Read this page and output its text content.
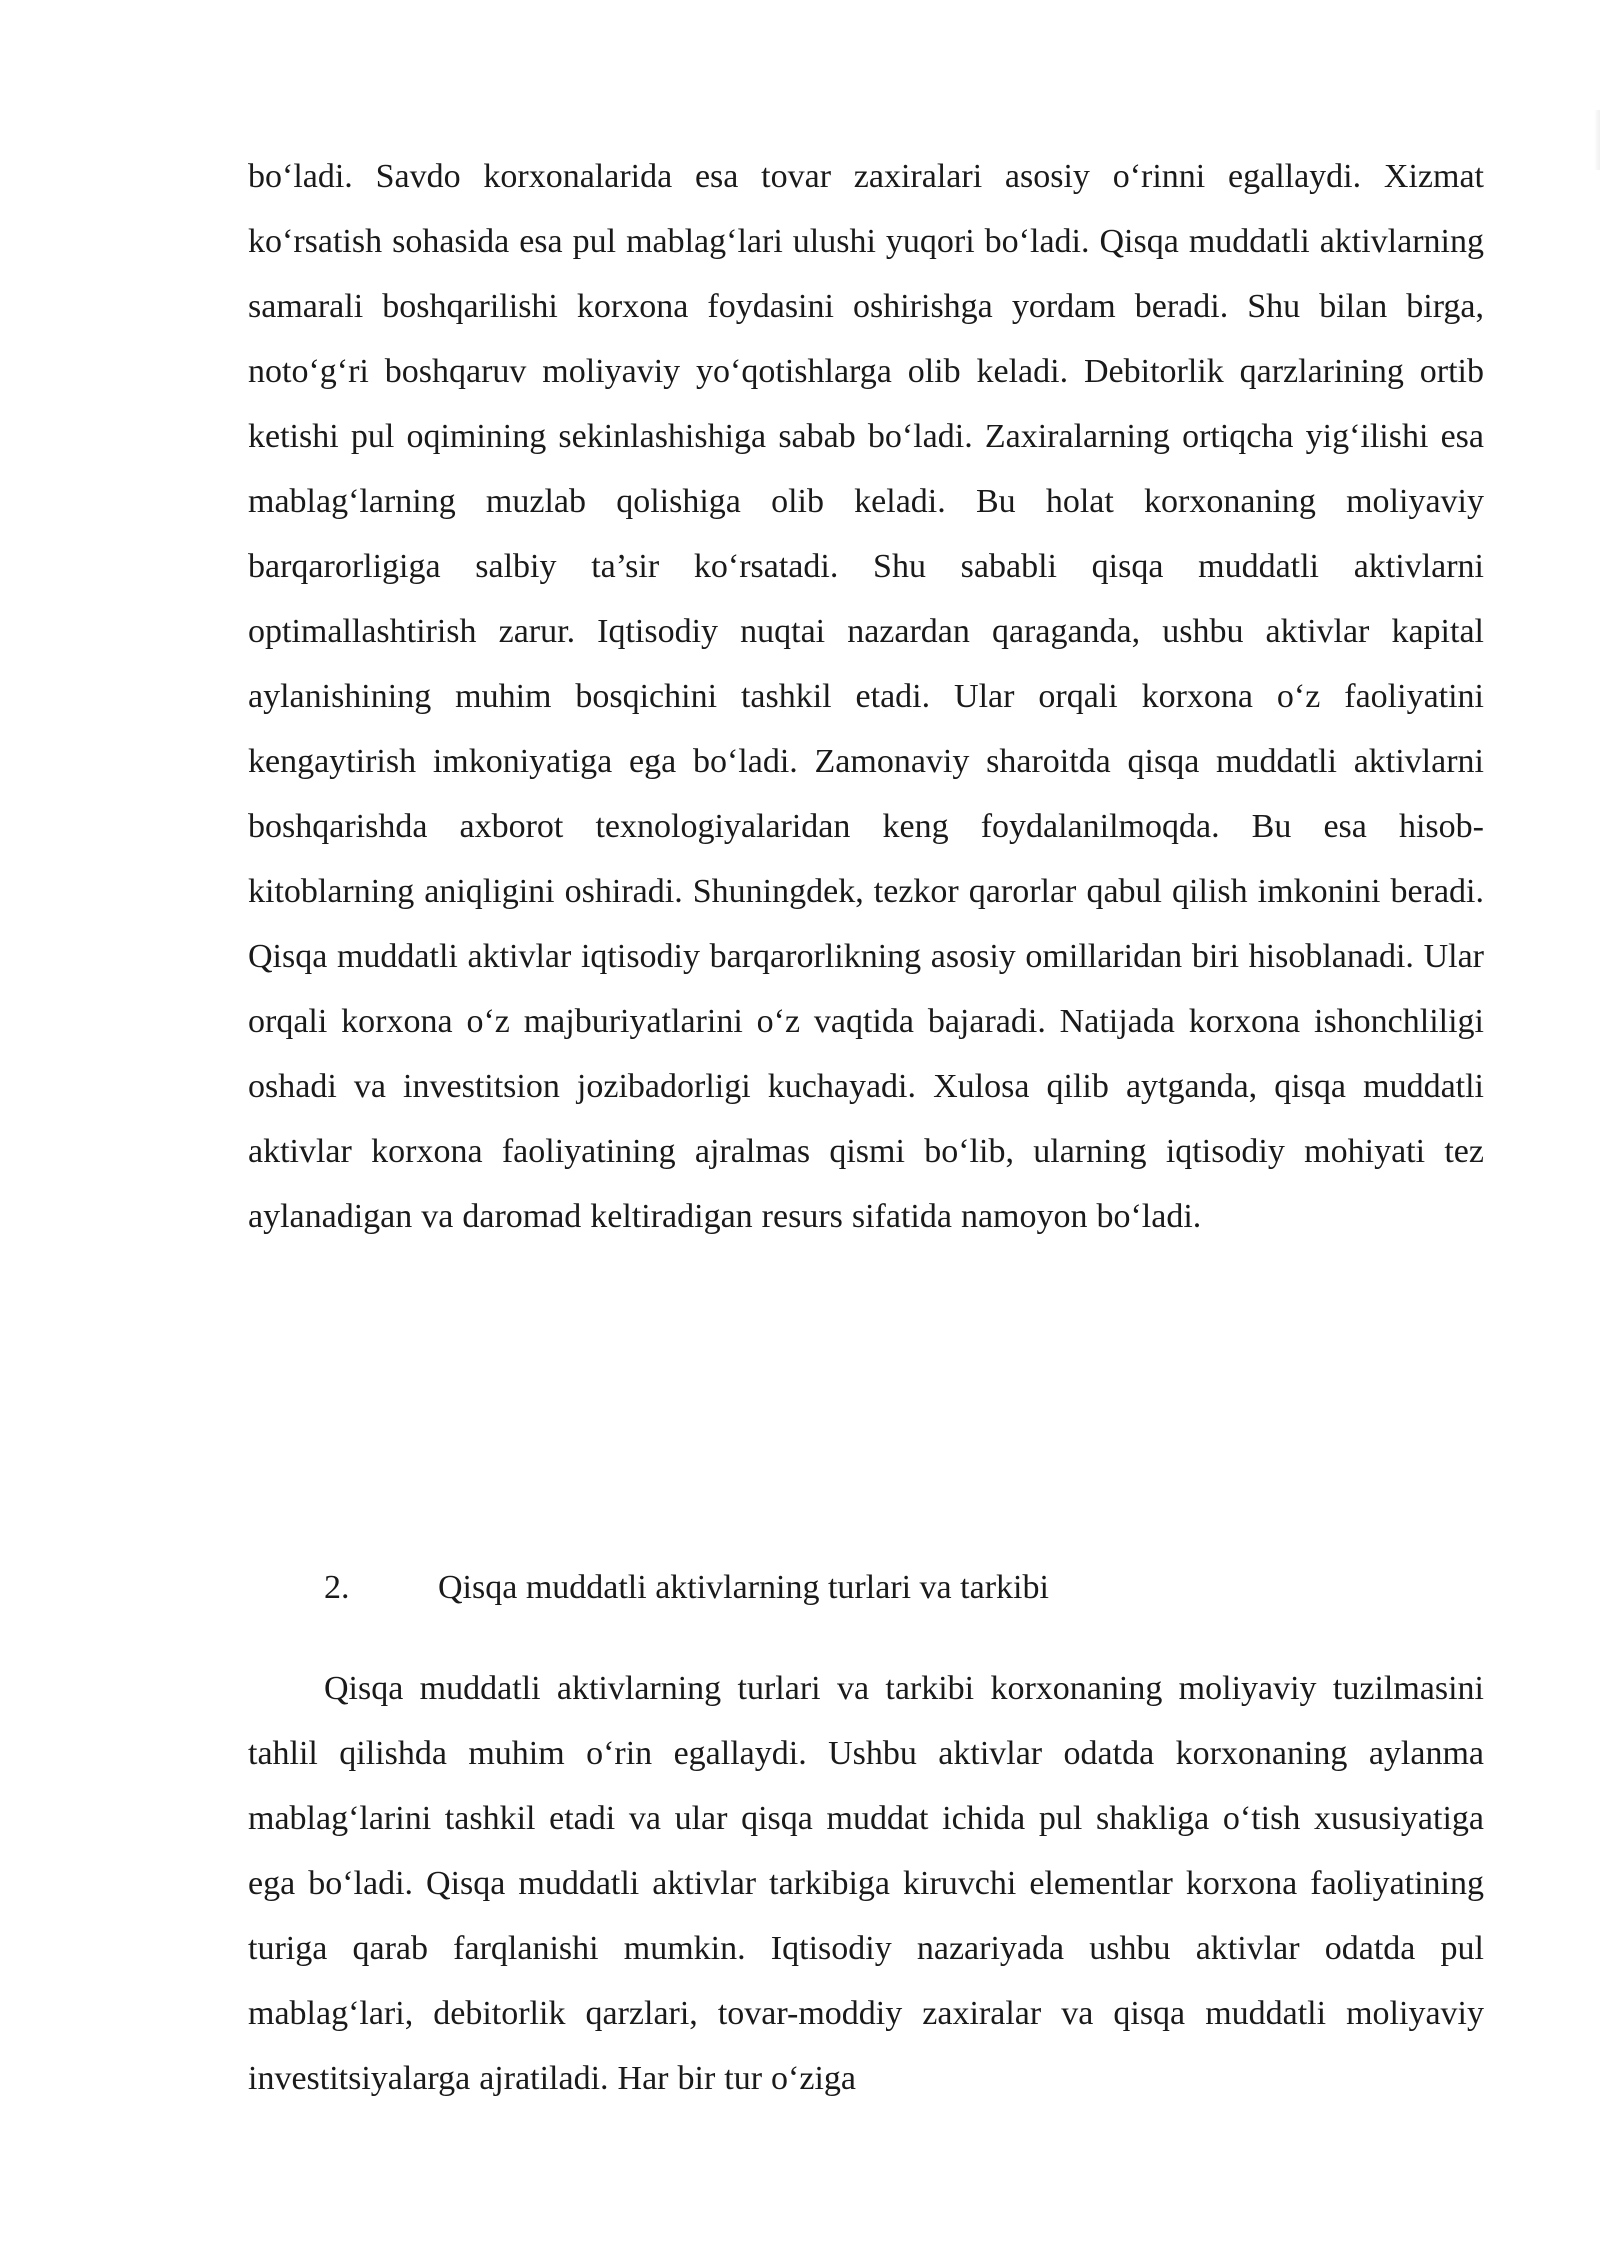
bo‘ladi. Savdo korxonalarida esa tovar zaxiralari asosiy o‘rinni egallaydi. Xizmat ko‘rsatish sohasida esa pul mablag‘lari ulushi yuqori bo‘ladi. Qisqa muddatli aktivlarning samarali boshqarilishi korxona foydasini oshirishga yordam beradi. Shu bilan birga, noto‘g‘ri boshqaruv moliyaviy yo‘qotishlarga olib keladi. Debitorlik qarzlarining ortib ketishi pul oqimining sekinlashishiga sabab bo‘ladi. Zaxiralarning ortiqcha yig‘ilishi esa mablag‘larning muzlab qolishiga olib keladi. Bu holat korxonaning moliyaviy barqarorligiga salbiy ta’sir ko‘rsatadi. Shu sababli qisqa muddatli aktivlarni optimallashtirish zarur. Iqtisodiy nuqtai nazardan qaraganda, ushbu aktivlar kapital aylanishining muhim bosqichini tashkil etadi. Ular orqali korxona o‘z faoliyatini kengaytirish imkoniyatiga ega bo‘ladi. Zamonaviy sharoitda qisqa muddatli aktivlarni boshqarishda axborot texnologiyalaridan keng foydalanilmoqda. Bu esa hisob-kitoblarning aniqligini oshiradi. Shuningdek, tezkor qarorlar qabul qilish imkonini beradi. Qisqa muddatli aktivlar iqtisodiy barqarorlikning asosiy omillaridan biri hisoblanadi. Ular orqali korxona o‘z majburiyatlarini o‘z vaqtida bajaradi. Natijada korxona ishonchliligi oshadi va investitsion jozibadorligi kuchayadi. Xulosa qilib aytganda, qisqa muddatli aktivlar korxona faoliyatining ajralmas qismi bo‘lib, ularning iqtisodiy mohiyati tez aylanadigan va daromad keltiradigan resurs sifatida namoyon bo‘ladi.

2.	Qisqa muddatli aktivlarning turlari va tarkibi

Qisqa muddatli aktivlarning turlari va tarkibi korxonaning moliyaviy tuzilmasini tahlil qilishda muhim o‘rin egallaydi. Ushbu aktivlar odatda korxonaning aylanma mablag‘larini tashkil etadi va ular qisqa muddat ichida pul shakliga o‘tish xususiyatiga ega bo‘ladi. Qisqa muddatli aktivlar tarkibiga kiruvchi elementlar korxona faoliyatining turiga qarab farqlanishi mumkin. Iqtisodiy nazariyada ushbu aktivlar odatda pul mablag‘lari, debitorlik qarzlari, tovar-moddiy zaxiralar va qisqa muddatli moliyaviy investitsiyalarga ajratiladi. Har bir tur o‘ziga
